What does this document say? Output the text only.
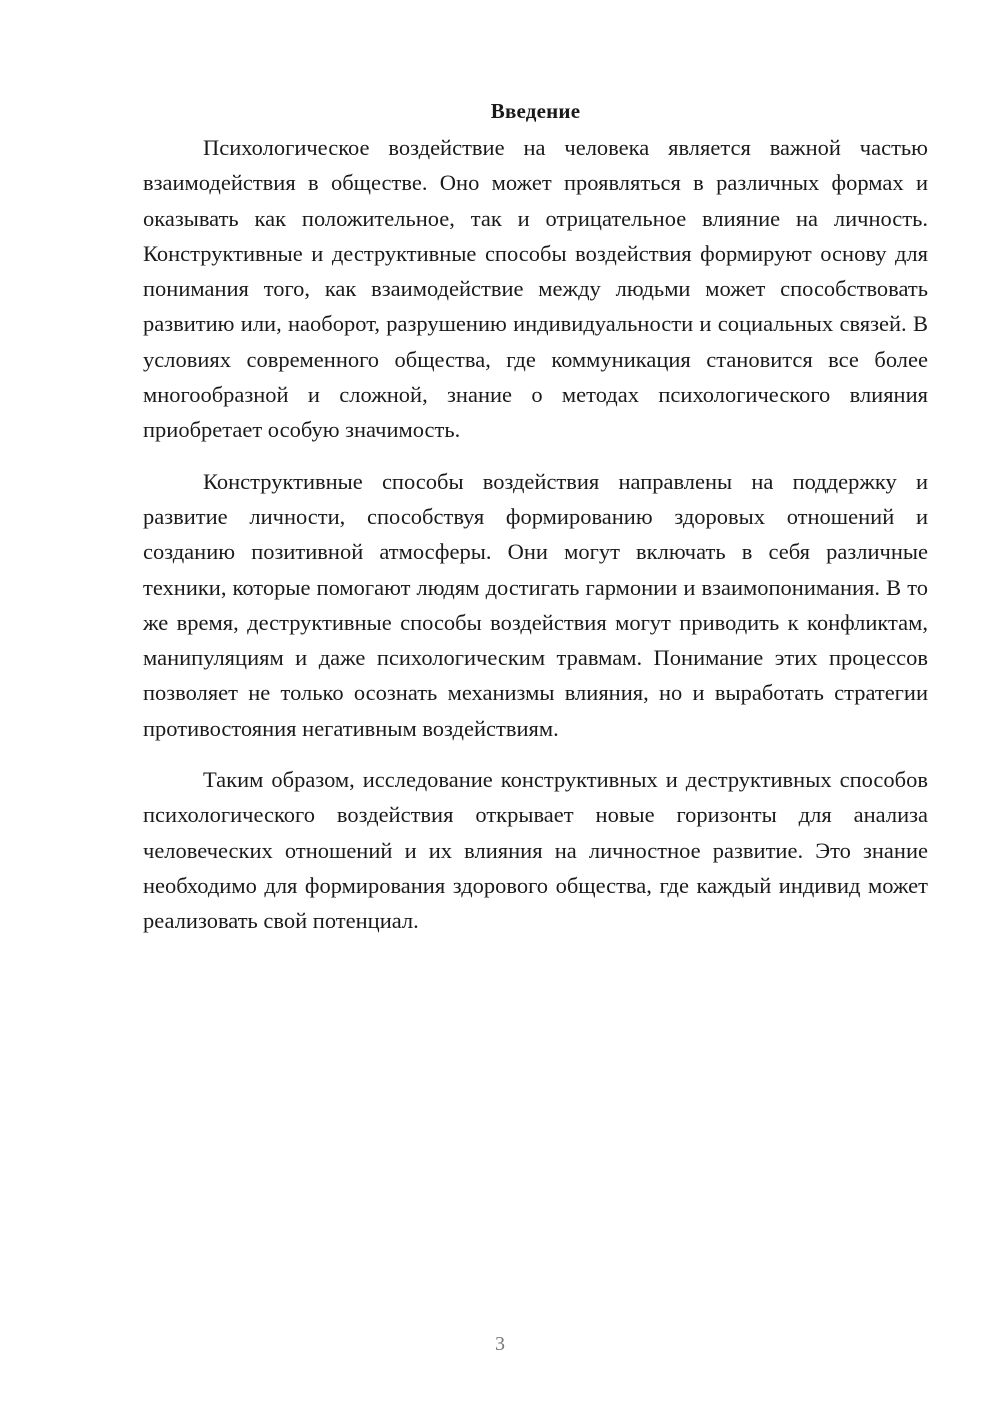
Введение

Психологическое воздействие на человека является важной частью взаимодействия в обществе. Оно может проявляться в различных формах и оказывать как положительное, так и отрицательное влияние на личность. Конструктивные и деструктивные способы воздействия формируют основу для понимания того, как взаимодействие между людьми может способствовать развитию или, наоборот, разрушению индивидуальности и социальных связей. В условиях современного общества, где коммуникация становится все более многообразной и сложной, знание о методах психологического влияния приобретает особую значимость.

Конструктивные способы воздействия направлены на поддержку и развитие личности, способствуя формированию здоровых отношений и созданию позитивной атмосферы. Они могут включать в себя различные техники, которые помогают людям достигать гармонии и взаимопонимания. В то же время, деструктивные способы воздействия могут приводить к конфликтам, манипуляциям и даже психологическим травмам. Понимание этих процессов позволяет не только осознать механизмы влияния, но и выработать стратегии противостояния негативным воздействиям.

Таким образом, исследование конструктивных и деструктивных способов психологического воздействия открывает новые горизонты для анализа человеческих отношений и их влияния на личностное развитие. Это знание необходимо для формирования здорового общества, где каждый индивид может реализовать свой потенциал.

3
